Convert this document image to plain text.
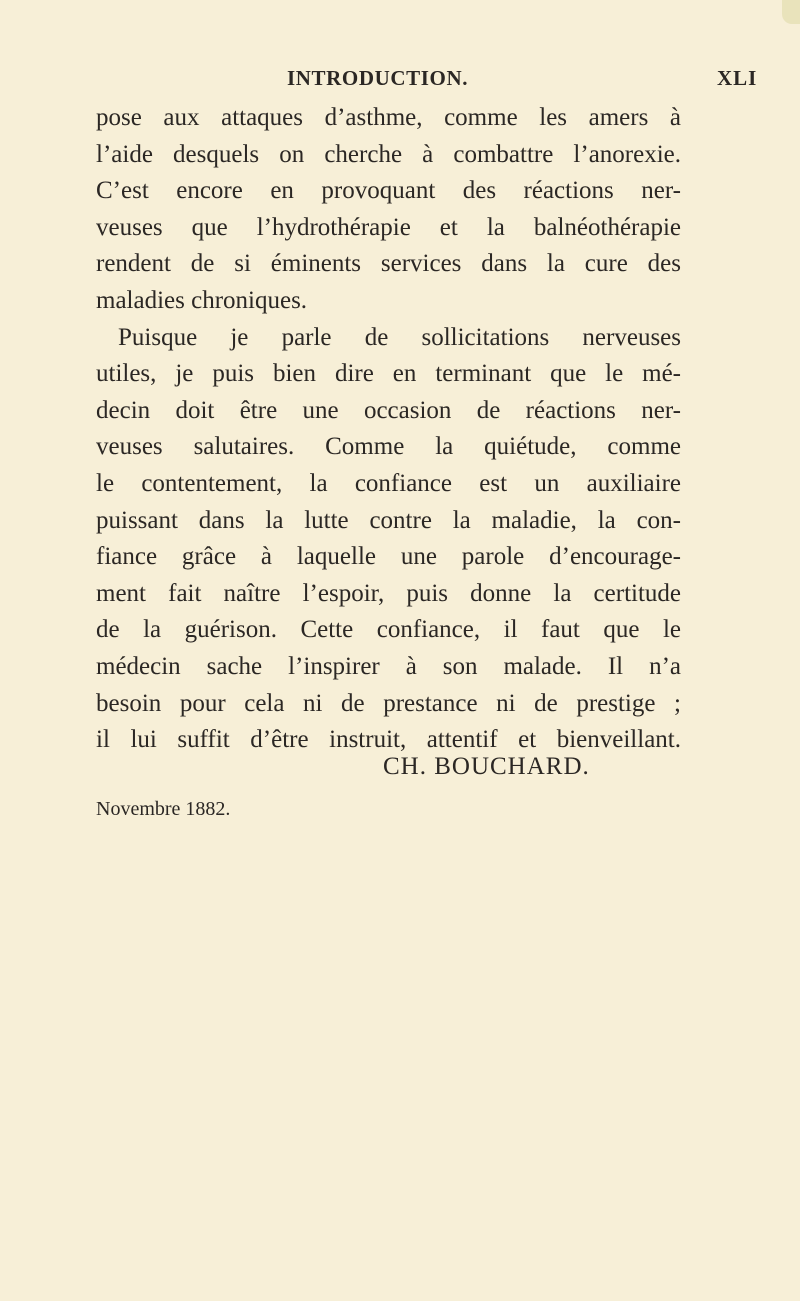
INTRODUCTION.	XLI
pose aux attaques d’asthme, comme les amers à
l’aide desquels on cherche à combattre l’anorexie.
C’est encore en provoquant des réactions ner-
veuses que l’hydrothérapie et la balnéothérapie
rendent de si éminents services dans la cure des
maladies chroniques.
Puisque je parle de sollicitations nerveuses
utiles, je puis bien dire en terminant que le mé-
decin doit être une occasion de réactions ner-
veuses salutaires. Comme la quiétude, comme
le contentement, la confiance est un auxiliaire
puissant dans la lutte contre la maladie, la con-
fiance grâce à laquelle une parole d’encourage-
ment fait naître l’espoir, puis donne la certitude
de la guérison. Cette confiance, il faut que le
médecin sache l’inspirer à son malade. Il n’a
besoin pour cela ni de prestance ni de prestige ;
il lui suffit d’être instruit, attentif et bienveillant.
CH. BOUCHARD.
Novembre 1882.
